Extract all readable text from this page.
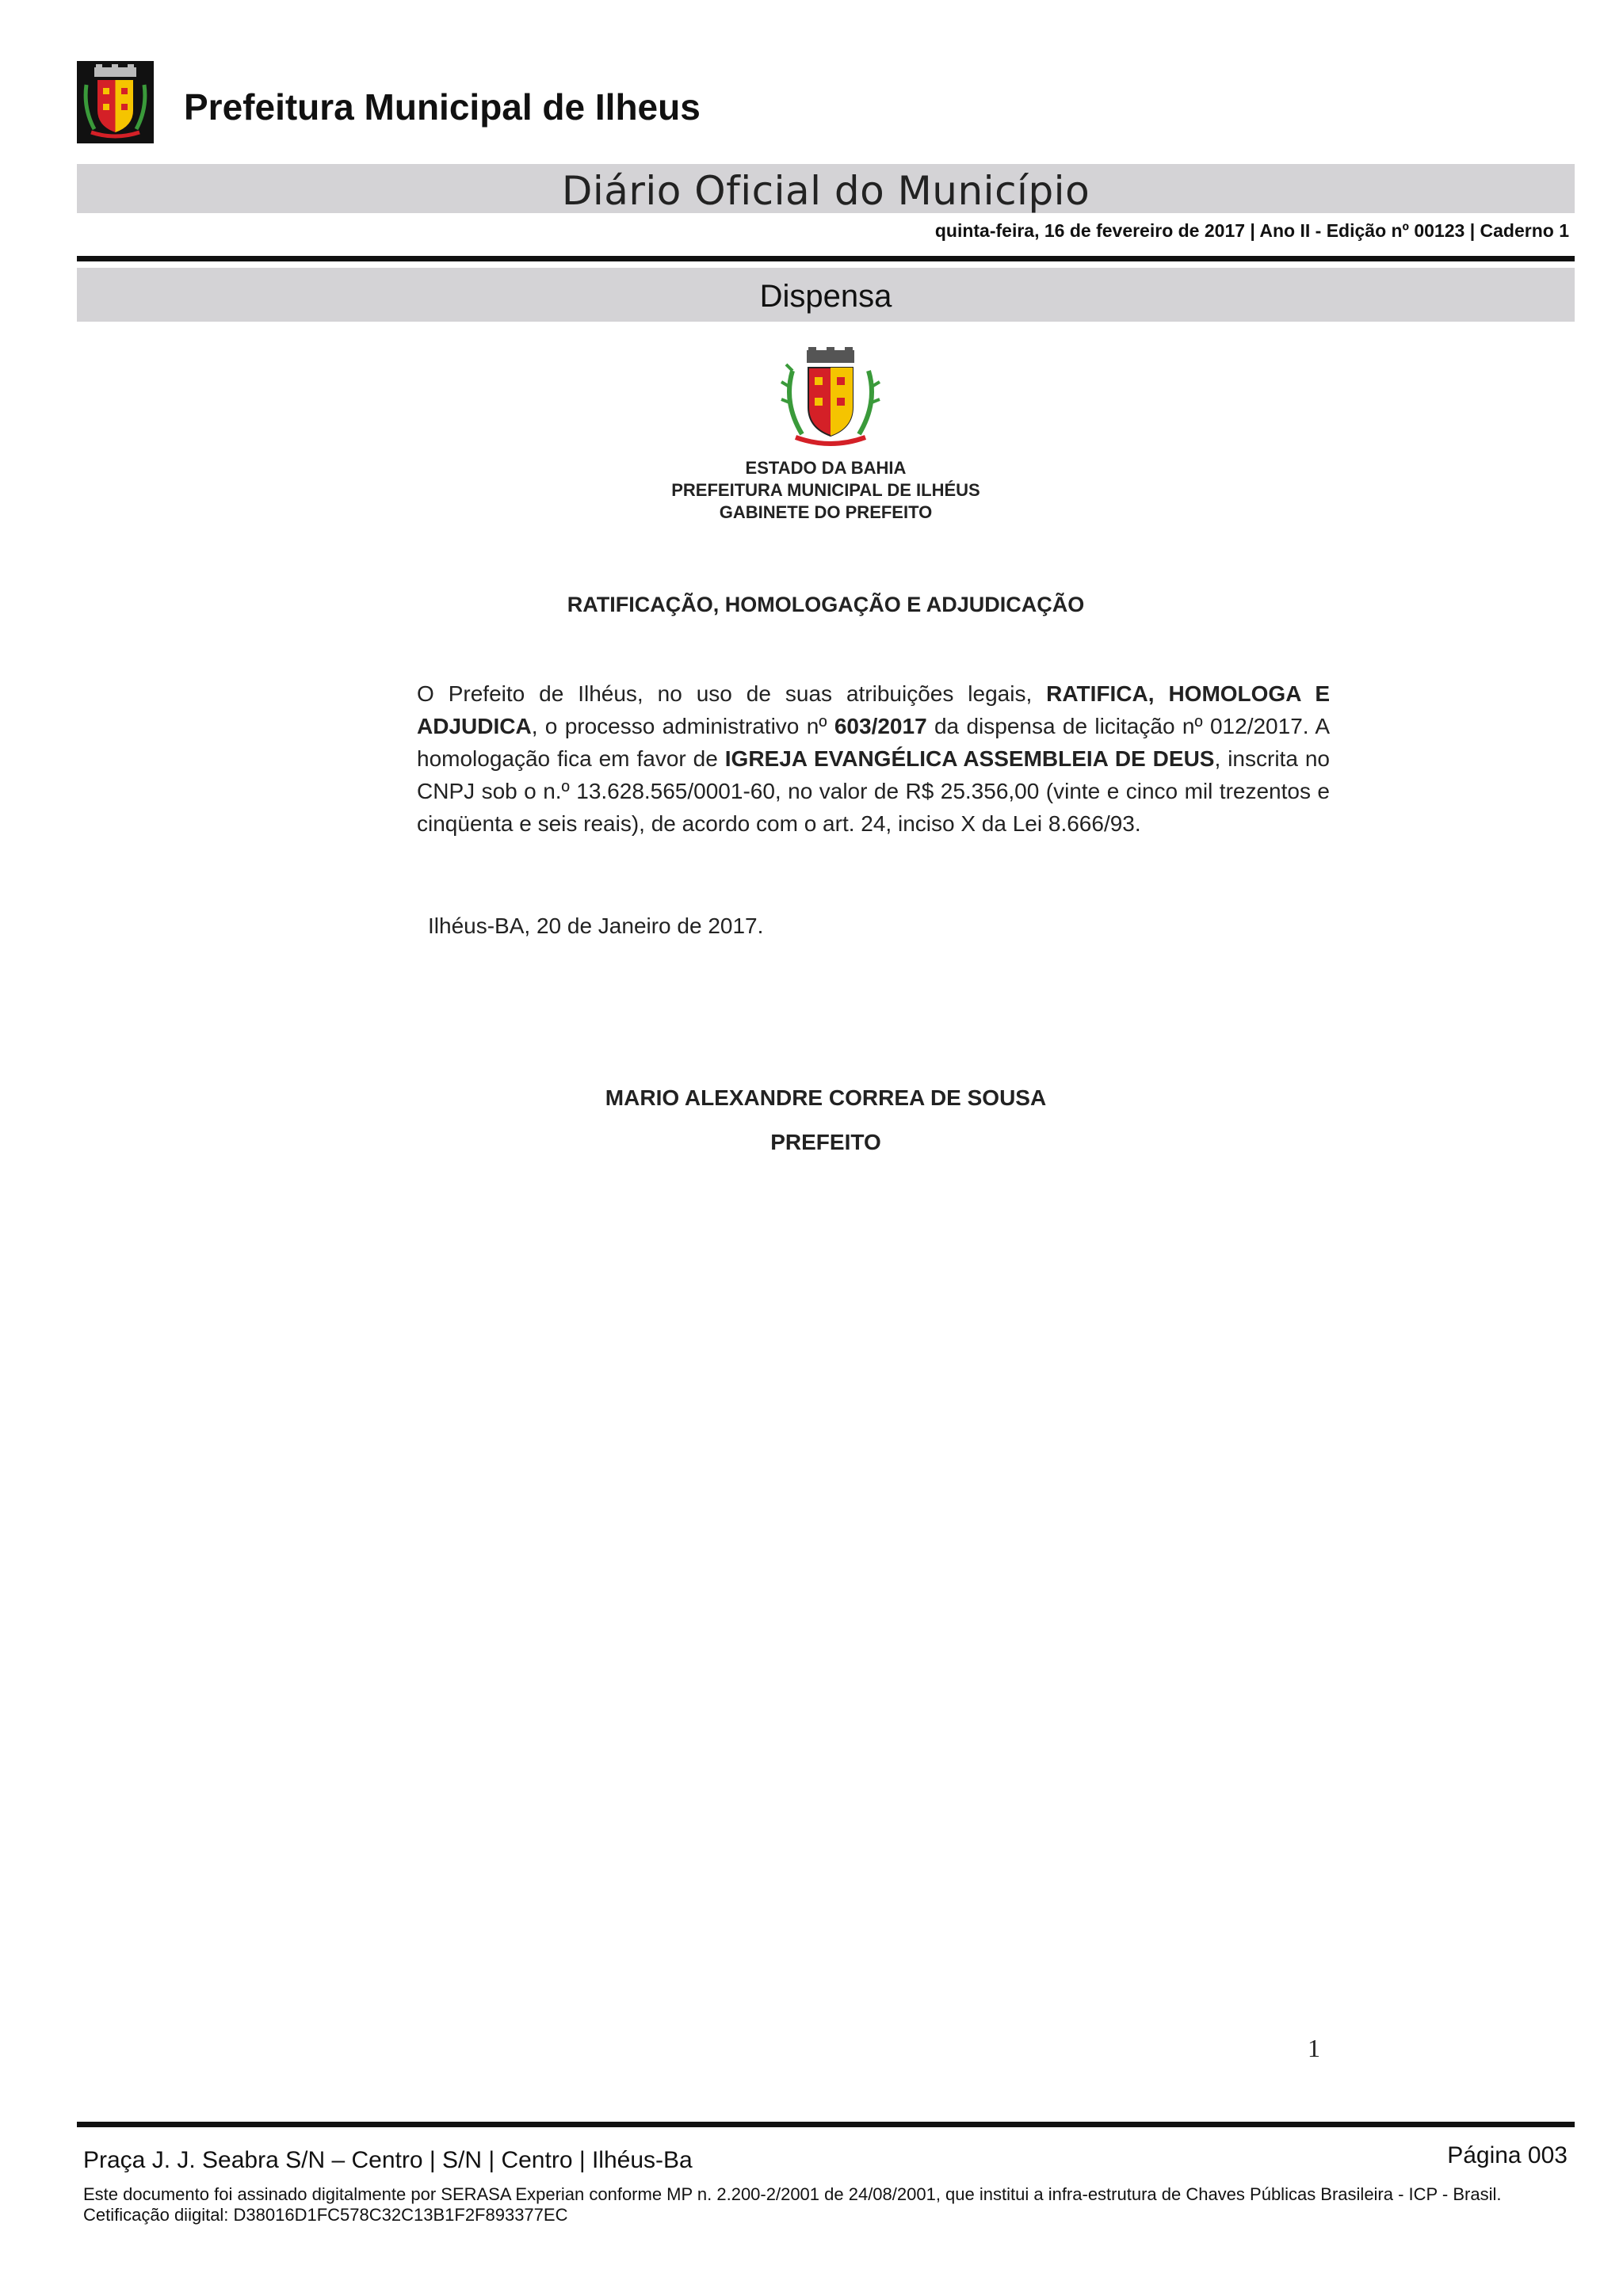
Prefeitura Municipal de Ilheus
Diário Oficial do Município
quinta-feira, 16 de fevereiro de 2017 | Ano II - Edição nº 00123 | Caderno 1
Dispensa
ESTADO DA BAHIA
PREFEITURA MUNICIPAL DE ILHÉUS
GABINETE DO PREFEITO
RATIFICAÇÃO, HOMOLOGAÇÃO E ADJUDICAÇÃO
O Prefeito de Ilhéus, no uso de suas atribuições legais, RATIFICA, HOMOLOGA E ADJUDICA, o processo administrativo nº 603/2017 da dispensa de licitação nº 012/2017. A homologação fica em favor de IGREJA EVANGÉLICA ASSEMBLEIA DE DEUS, inscrita no CNPJ sob o n.º 13.628.565/0001-60, no valor de R$ 25.356,00 (vinte e cinco mil trezentos e cinqüenta e seis reais), de acordo com o art. 24, inciso X da Lei 8.666/93.
Ilhéus-BA, 20 de Janeiro de 2017.
MARIO ALEXANDRE CORREA DE SOUSA
PREFEITO
1
Praça J. J. Seabra S/N – Centro | S/N | Centro | Ilhéus-Ba	Página 003
Este documento foi assinado digitalmente por SERASA Experian conforme MP n. 2.200-2/2001 de 24/08/2001, que institui a infra-estrutura de Chaves Públicas Brasileira - ICP - Brasil. Cetificação diigital: D38016D1FC578C32C13B1F2F893377EC
